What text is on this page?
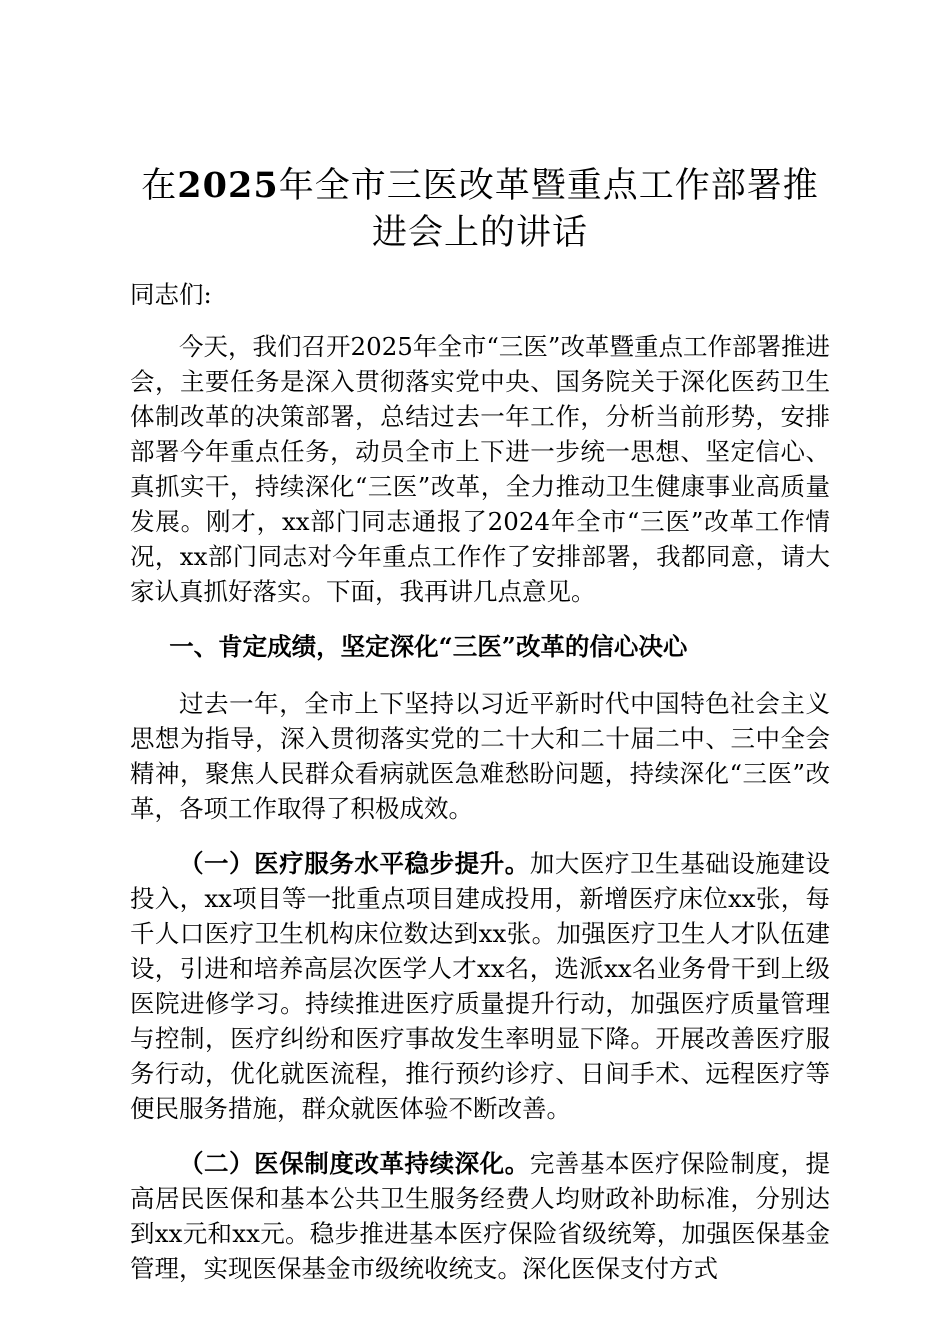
在2025年全市三医改革暨重点工作部署推进会上的讲话

同志们:

今天，我们召开2025年全市“三医”改革暨重点工作部署推进会，主要任务是深入贯彻落实党中央、国务院关于深化医药卫生体制改革的决策部署，总结过去一年工作，分析当前形势，安排部署今年重点任务，动员全市上下进一步统一思想、坚定信心、真抓实干，持续深化“三医”改革，全力推动卫生健康事业高质量发展。刚才，xx部门同志通报了2024年全市“三医”改革工作情况，xx部门同志对今年重点工作作了安排部署，我都同意，请大家认真抓好落实。下面，我再讲几点意见。

一、肯定成绩，坚定深化“三医”改革的信心决心

过去一年，全市上下坚持以习近平新时代中国特色社会主义思想为指导，深入贯彻落实党的二十大和二十届二中、三中全会精神，聚焦人民群众看病就医急难愁盼问题，持续深化“三医”改革，各项工作取得了积极成效。

（一）医疗服务水平稳步提升。加大医疗卫生基础设施建设投入，xx项目等一批重点项目建成投用，新增医疗床位xx张，每千人口医疗卫生机构床位数达到xx张。加强医疗卫生人才队伍建设，引进和培养高层次医学人才xx名，选派xx名业务骨干到上级医院进修学习。持续推进医疗质量提升行动，加强医疗质量管理与控制，医疗纠纷和医疗事故发生率明显下降。开展改善医疗服务行动，优化就医流程，推行预约诊疗、日间手术、远程医疗等便民服务措施，群众就医体验不断改善。

（二）医保制度改革持续深化。完善基本医疗保险制度，提高居民医保和基本公共卫生服务经费人均财政补助标准，分别达到xx元和xx元。稳步推进基本医疗保险省级统筹，加强医保基金管理，实现医保基金市级统收统支。深化医保支付方式
